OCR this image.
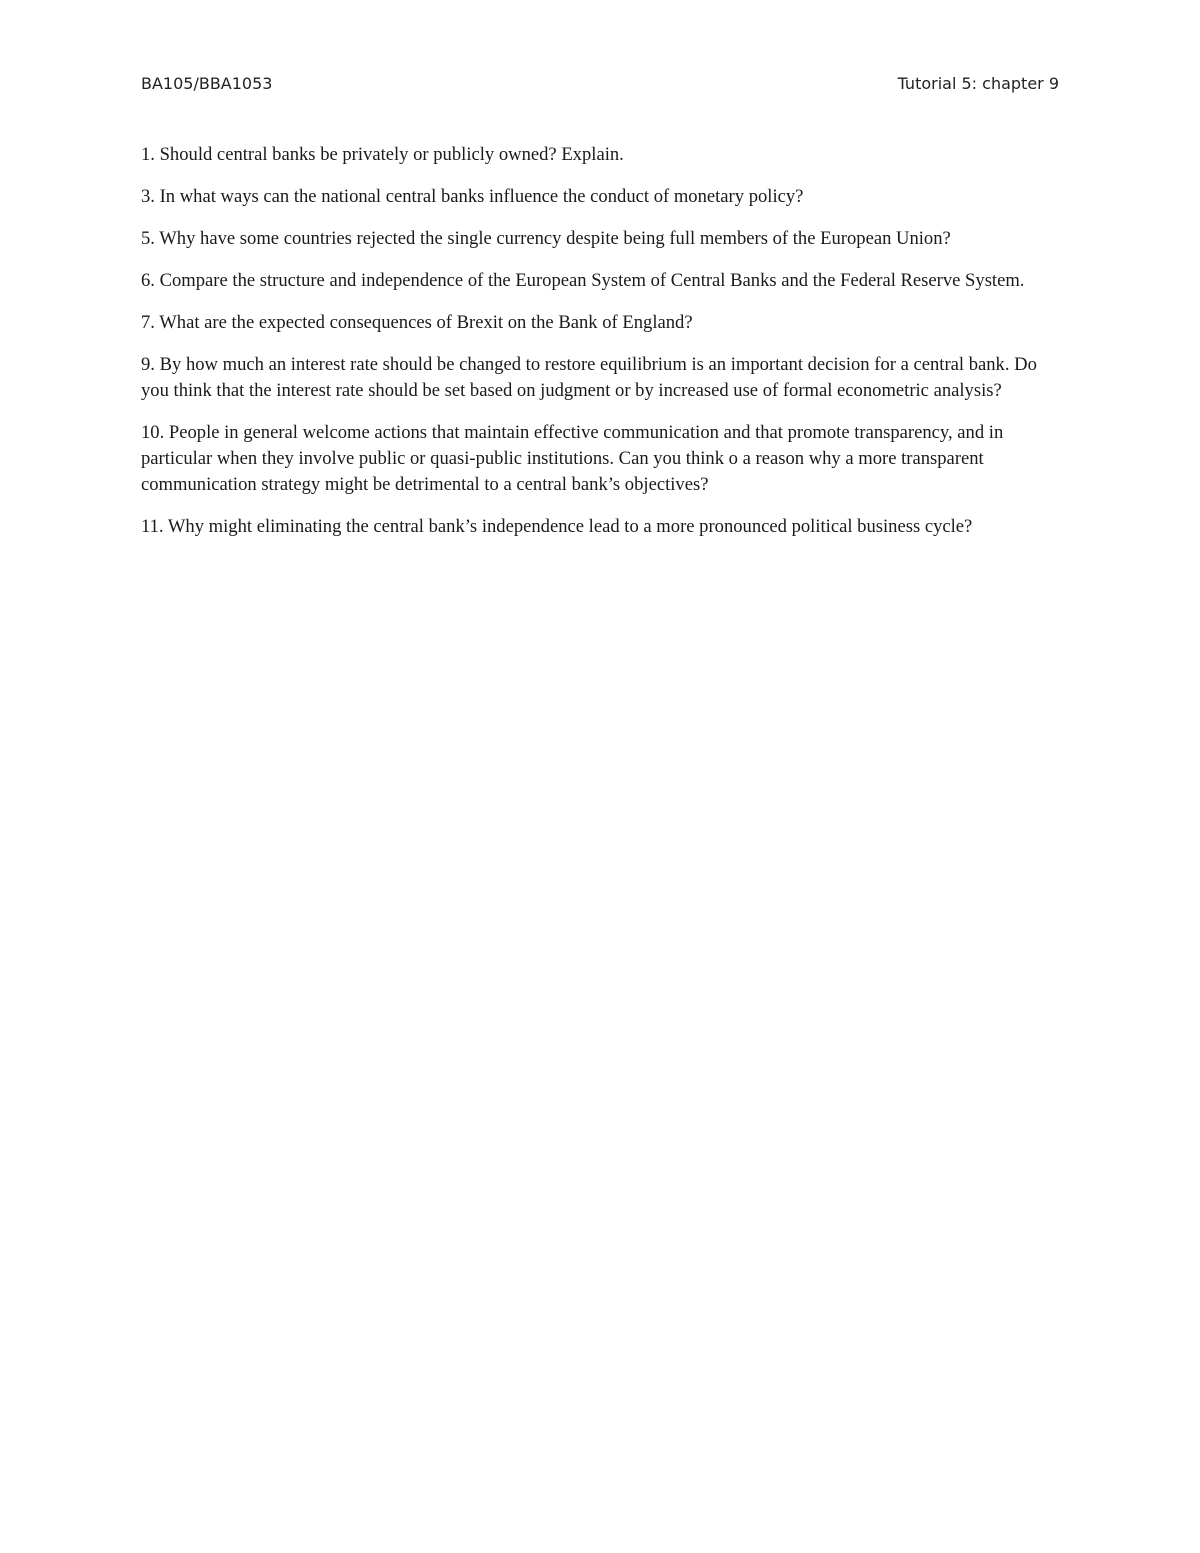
BA105/BBA1053	Tutorial 5: chapter 9

1. Should central banks be privately or publicly owned? Explain.

3. In what ways can the national central banks influence the conduct of monetary policy?

5. Why have some countries rejected the single currency despite being full members of the European Union?

6. Compare the structure and independence of the European System of Central Banks and the Federal Reserve System.

7. What are the expected consequences of Brexit on the Bank of England?

9. By how much an interest rate should be changed to restore equilibrium is an important decision for a central bank. Do you think that the interest rate should be set based on judgment or by increased use of formal econometric analysis?

10. People in general welcome actions that maintain effective communication and that promote transparency, and in particular when they involve public or quasi-public institutions. Can you think o a reason why a more transparent communication strategy might be detrimental to a central bank’s objectives?

11. Why might eliminating the central bank’s independence lead to a more pronounced political business cycle?
